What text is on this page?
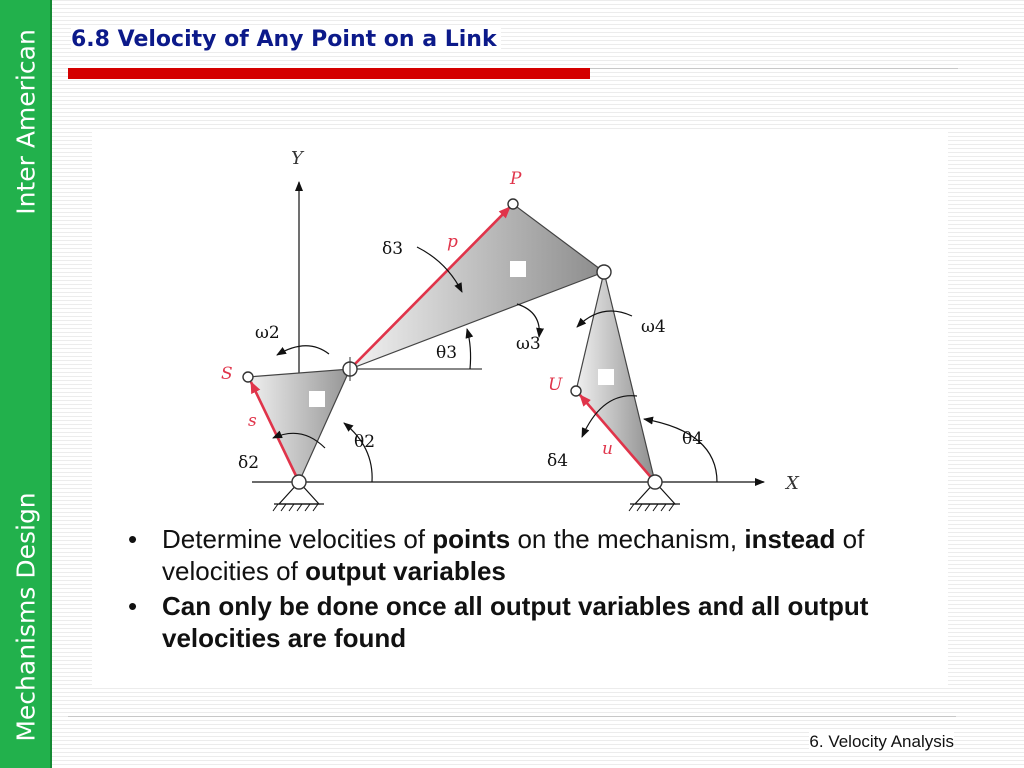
Inter American
Mechanisms Design
6.8 Velocity of Any Point on a Link
Y
X
P
p
S
s
U
u
δ3
θ3	ω3
ω2
θ2
δ2
ω4
θ4
δ4
• Determine velocities of points on the mechanism, instead of velocities of output variables
• Can only be done once all output variables and all output velocities are found
6. Velocity Analysis
